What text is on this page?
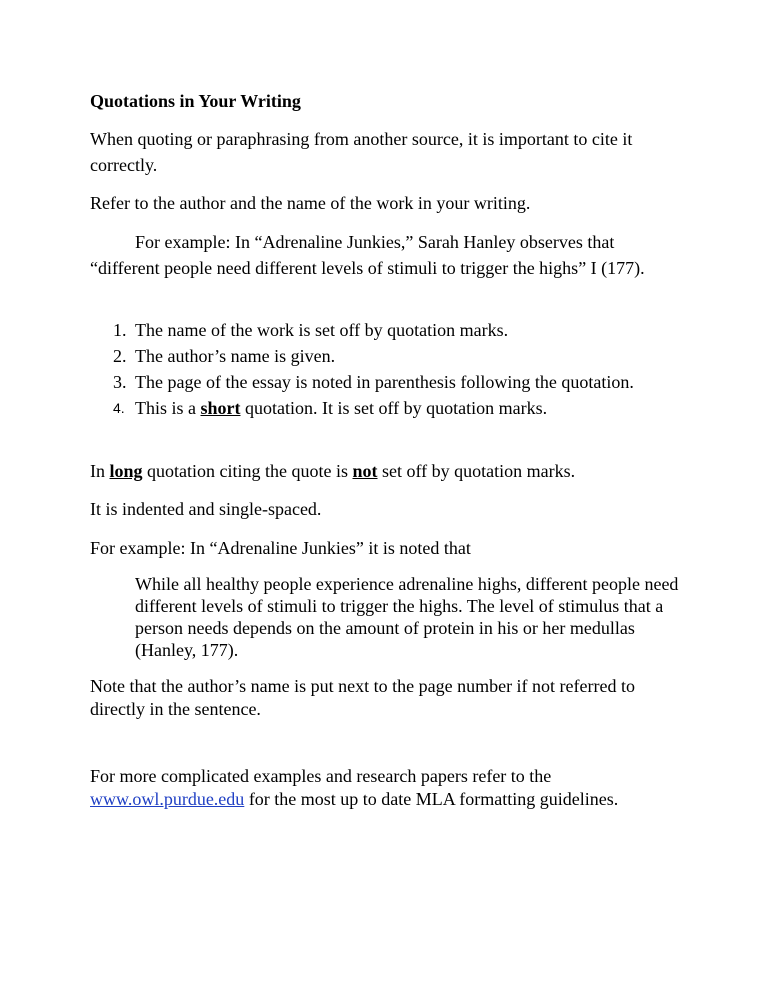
Quotations in Your Writing

When quoting or paraphrasing from another source, it is important to cite it correctly.

Refer to the author and the name of the work in your writing.

For example: In “Adrenaline Junkies,” Sarah Hanley observes that “different people need different levels of stimuli to trigger the highs” I (177).

1. The name of the work is set off by quotation marks.
2. The author’s name is given.
3. The page of the essay is noted in parenthesis following the quotation.
4. This is a short quotation. It is set off by quotation marks.

In long quotation citing the quote is not set off by quotation marks.

It is indented and single-spaced.

For example: In “Adrenaline Junkies” it is noted that

While all healthy people experience adrenaline highs, different people need different levels of stimuli to trigger the highs. The level of stimulus that a person needs depends on the amount of protein in his or her medullas (Hanley, 177).

Note that the author’s name is put next to the page number if not referred to directly in the sentence.

For more complicated examples and research papers refer to the www.owl.purdue.edu for the most up to date MLA formatting guidelines.
